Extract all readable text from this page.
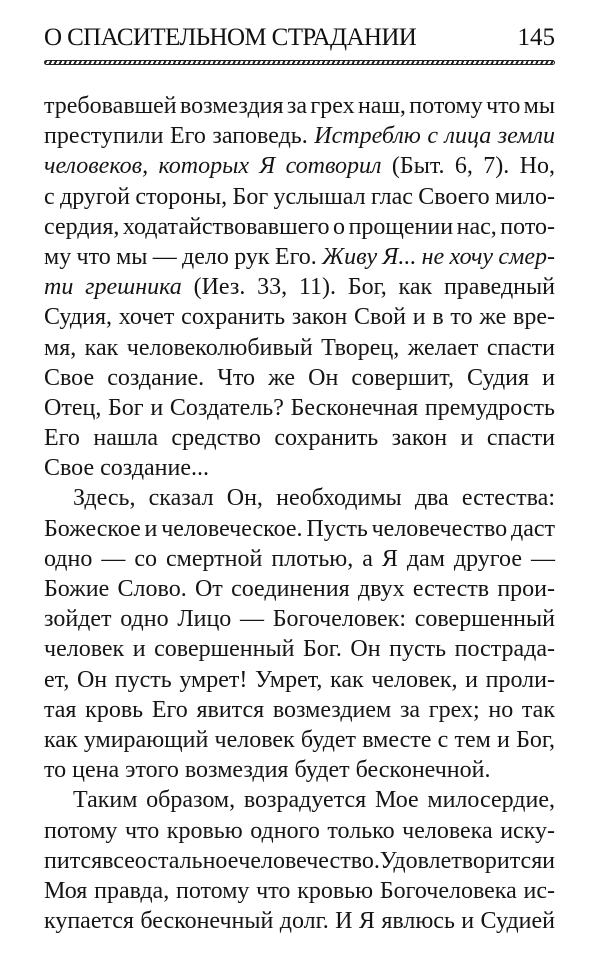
О СПАСИТЕЛЬНОМ СТРАДАНИИ	145
требовавшей возмездия за грех наш, потому что мы
преступили Его заповедь. Истреблю с лица земли
человеков, которых Я сотворил (Быт. 6, 7). Но,
с другой стороны, Бог услышал глас Своего мило-
сердия, ходатайствовавшего о прощении нас, пото-
му что мы — дело рук Его. Живу Я... не хочу смер-
ти грешника (Иез. 33, 11). Бог, как праведный
Судия, хочет сохранить закон Свой и в то же вре-
мя, как человеколюбивый Творец, желает спасти
Свое создание. Что же Он совершит, Судия и
Отец, Бог и Создатель? Бесконечная премудрость
Его нашла средство сохранить закон и спасти
Свое создание...
Здесь, сказал Он, необходимы два естества:
Божеское и человеческое. Пусть человечество даст
одно — со смертной плотью, а Я дам другое —
Божие Слово. От соединения двух естеств прои-
зойдет одно Лицо — Богочеловек: совершенный
человек и совершенный Бог. Он пусть пострада-
ет, Он пусть умрет! Умрет, как человек, и проли-
тая кровь Его явится возмездием за грех; но так
как умирающий человек будет вместе с тем и Бог,
то цена этого возмездия будет бесконечной.
Таким образом, возрадуется Мое милосердие,
потому что кровью одного только человека иску-
пится все остальное человечество. Удовлетворится и
Моя правда, потому что кровью Богочеловека ис-
купается бесконечный долг. И Я явлюсь и Судией
